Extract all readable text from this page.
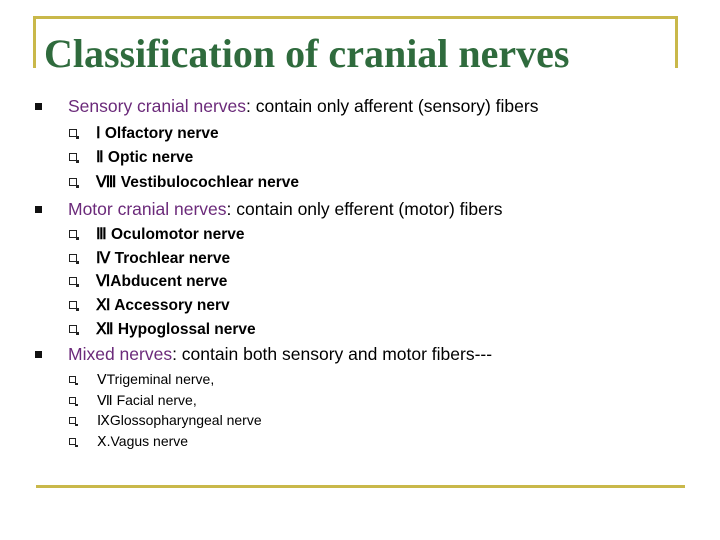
Classification of cranial nerves
Sensory cranial nerves : contain only afferent (sensory) fibers
Ⅰ Olfactory nerve
Ⅱ Optic nerve
Ⅷ Vestibulocochlear nerve
Motor cranial nerves : contain only efferent (motor) fibers
Ⅲ Oculomotor nerve
Ⅳ Trochlear nerve
ⅥAbducent nerve
Ⅺ Accessory nerv
Ⅻ Hypoglossal nerve
Mixed nerves : contain both sensory and motor fibers---
ⅤTrigeminal nerve,
Ⅶ Facial nerve,
ⅨGlossopharyngeal nerve
Ⅹ.Vagus nerve
